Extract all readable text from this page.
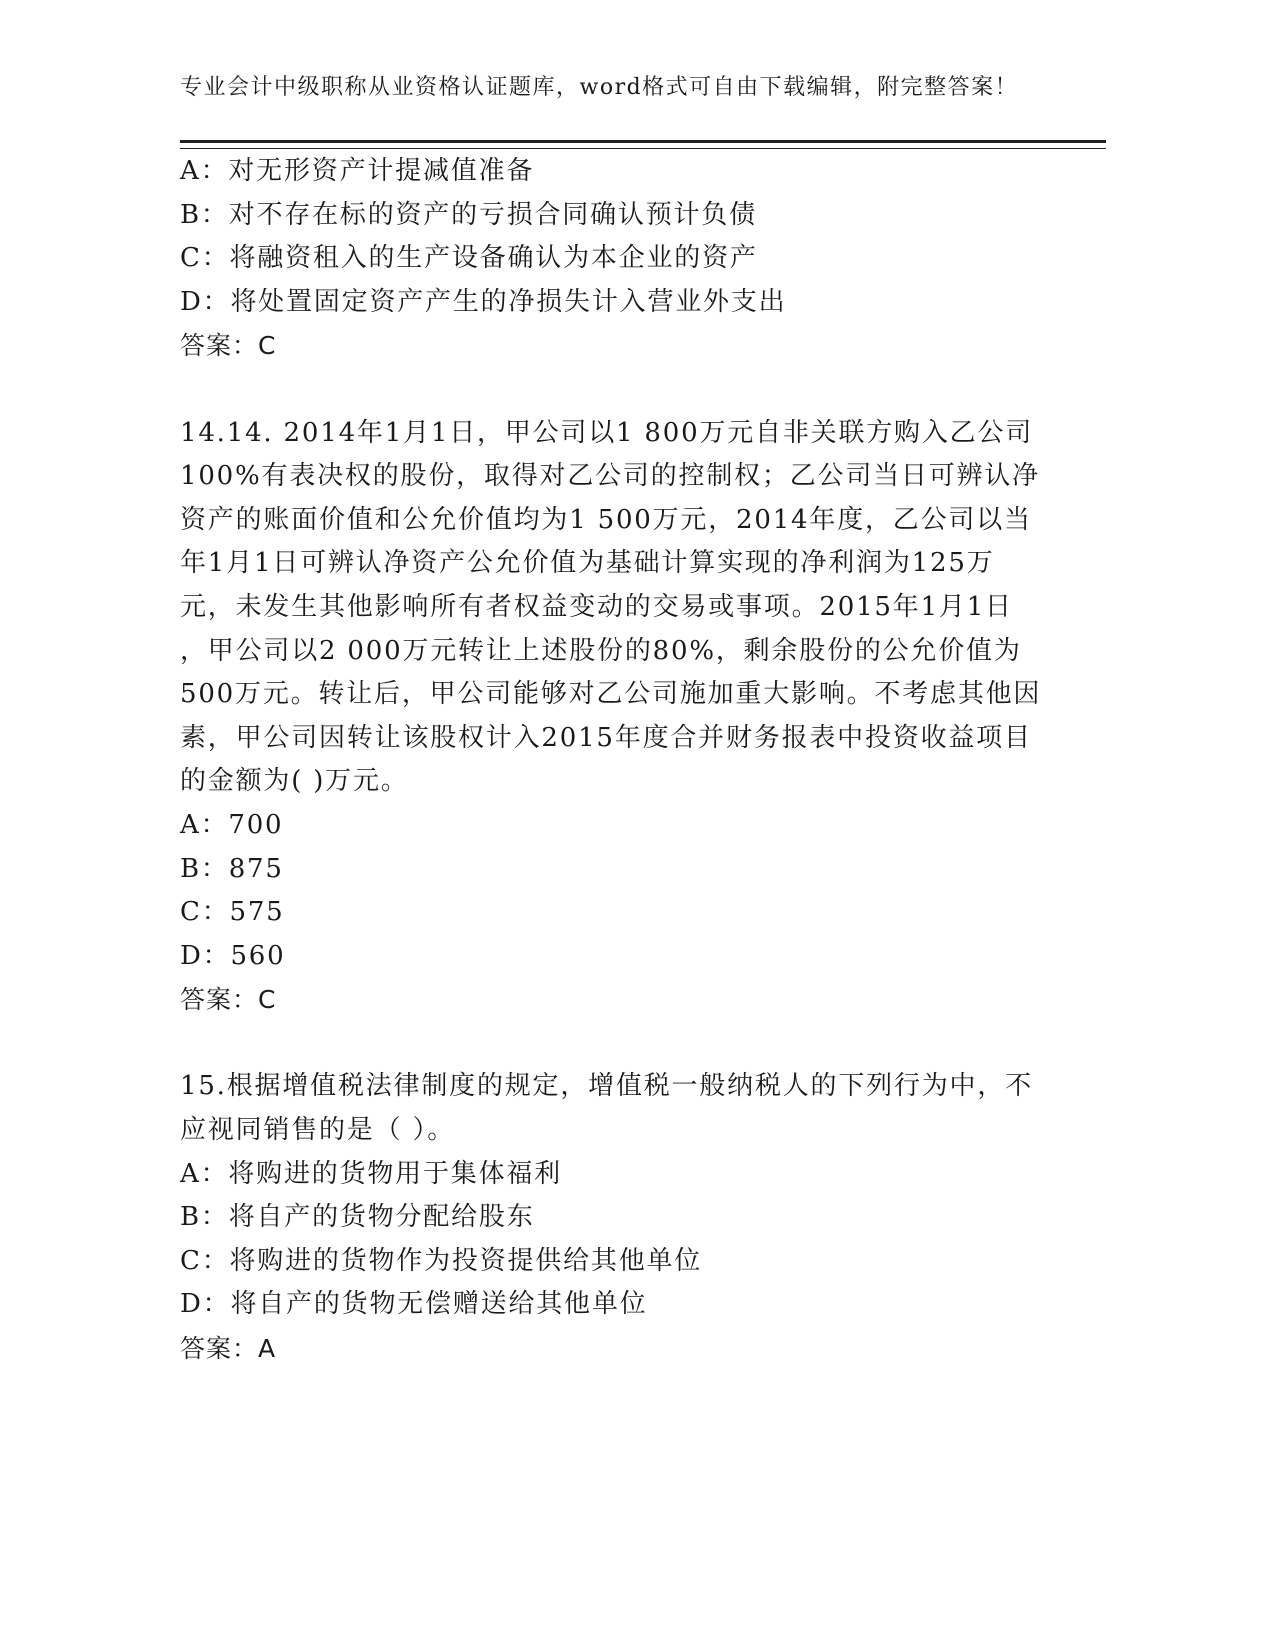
专业会计中级职称从业资格认证题库，word格式可自由下载编辑，附完整答案！
A：对无形资产计提减值准备
B：对不存在标的资产的亏损合同确认预计负债
C：将融资租入的生产设备确认为本企业的资产
D：将处置固定资产产生的净损失计入营业外支出
答案：C
14.14. 2014年1月1日，甲公司以1 800万元自非关联方购入乙公司
100%有表决权的股份，取得对乙公司的控制权；乙公司当日可辨认净
资产的账面价值和公允价值均为1 500万元，2014年度，乙公司以当
年1月1日可辨认净资产公允价值为基础计算实现的净利润为125万
元，未发生其他影响所有者权益变动的交易或事项。2015年1月1日
，甲公司以2 000万元转让上述股份的80%，剩余股份的公允价值为
500万元。转让后，甲公司能够对乙公司施加重大影响。不考虑其他因
素，甲公司因转让该股权计入2015年度合并财务报表中投资收益项目
的金额为( )万元。
A：700
B：875
C：575
D：560
答案：C
15.根据增值税法律制度的规定，增值税一般纳税人的下列行为中，不
应视同销售的是（ ）。
A：将购进的货物用于集体福利
B：将自产的货物分配给股东
C：将购进的货物作为投资提供给其他单位
D：将自产的货物无偿赠送给其他单位
答案：A
